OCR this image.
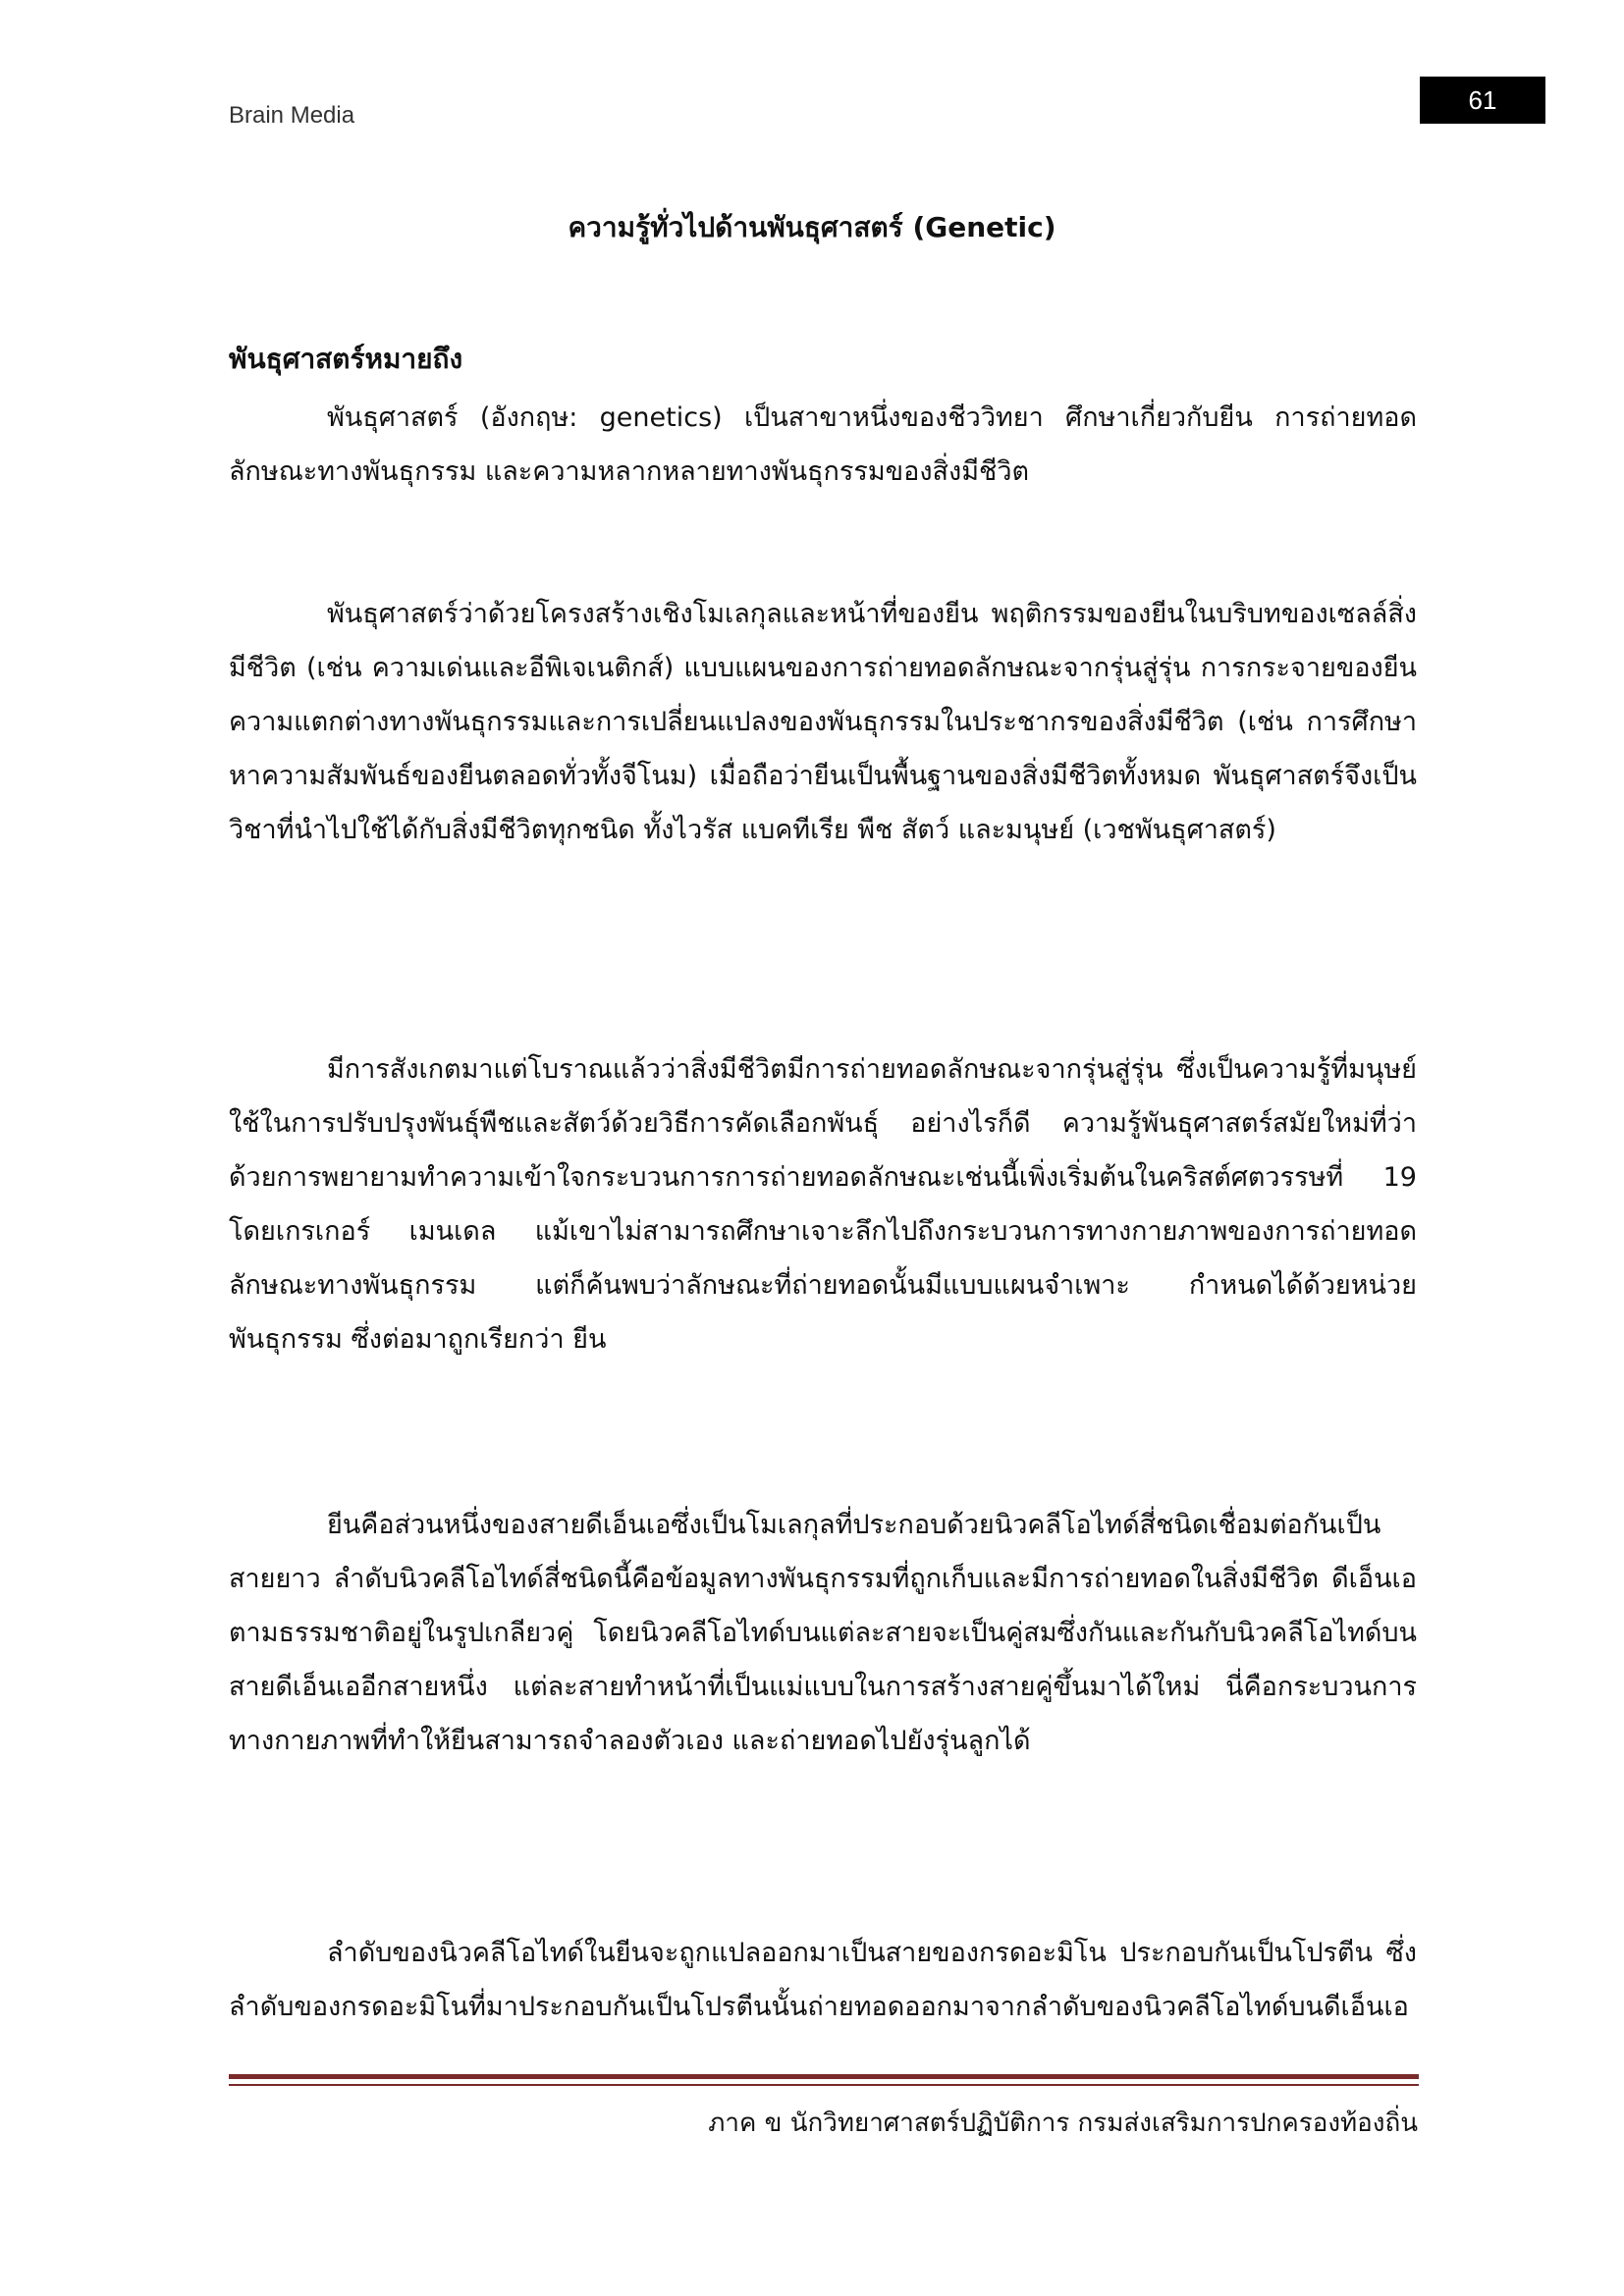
Brain Media
61
ความรู้ทั่วไปด้านพันธุศาสตร์ (Genetic)
พันธุศาสตร์หมายถึง

พันธุศาสตร์ (อังกฤษ: genetics) เป็นสาขาหนึ่งของชีววิทยา ศึกษาเกี่ยวกับยีน การถ่ายทอดลักษณะทางพันธุกรรม และความหลากหลายทางพันธุกรรมของสิ่งมีชีวิต

พันธุศาสตร์ว่าด้วยโครงสร้างเชิงโมเลกุลและหน้าที่ของยีน พฤติกรรมของยีนในบริบทของเซลล์สิ่งมีชีวิต (เช่น ความเด่นและอีพิเจเนติกส์) แบบแผนของการถ่ายทอดลักษณะจากรุ่นสู่รุ่น การกระจายของยีน ความแตกต่างทางพันธุกรรมและการเปลี่ยนแปลงของพันธุกรรมในประชากรของสิ่งมีชีวิต (เช่น การศึกษาหาความสัมพันธ์ของยีนตลอดทั่วทั้งจีโนม) เมื่อถือว่ายีนเป็นพื้นฐานของสิ่งมีชีวิตทั้งหมด พันธุศาสตร์จึงเป็นวิชาที่นำไปใช้ได้กับสิ่งมีชีวิตทุกชนิด ทั้งไวรัส แบคทีเรีย พืช สัตว์ และมนุษย์ (เวชพันธุศาสตร์)

มีการสังเกตมาแต่โบราณแล้วว่าสิ่งมีชีวิตมีการถ่ายทอดลักษณะจากรุ่นสู่รุ่น ซึ่งเป็นความรู้ที่มนุษย์ใช้ในการปรับปรุงพันธุ์พืชและสัตว์ด้วยวิธีการคัดเลือกพันธุ์ อย่างไรก็ดี ความรู้พันธุศาสตร์สมัยใหม่ที่ว่าด้วยการพยายามทำความเข้าใจกระบวนการการถ่ายทอดลักษณะเช่นนี้เพิ่งเริ่มต้นในคริสต์ศตวรรษที่ 19 โดยเกรเกอร์ เมนเดล แม้เขาไม่สามารถศึกษาเจาะลึกไปถึงกระบวนการทางกายภาพของการถ่ายทอดลักษณะทางพันธุกรรม แต่ก็ค้นพบว่าลักษณะที่ถ่ายทอดนั้นมีแบบแผนจำเพาะ กำหนดได้ด้วยหน่วยพันธุกรรม ซึ่งต่อมาถูกเรียกว่า ยีน

ยีนคือส่วนหนึ่งของสายดีเอ็นเอซึ่งเป็นโมเลกุลที่ประกอบด้วยนิวคลีโอไทด์สี่ชนิดเชื่อมต่อกันเป็นสายยาว ลำดับนิวคลีโอไทด์สี่ชนิดนี้คือข้อมูลทางพันธุกรรมที่ถูกเก็บและมีการถ่ายทอดในสิ่งมีชีวิต ดีเอ็นเอตามธรรมชาติอยู่ในรูปเกลียวคู่ โดยนิวคลีโอไทด์บนแต่ละสายจะเป็นคู่สมซึ่งกันและกันกับนิวคลีโอไทด์บนสายดีเอ็นเออีกสายหนึ่ง แต่ละสายทำหน้าที่เป็นแม่แบบในการสร้างสายคู่ขึ้นมาได้ใหม่ นี่คือกระบวนการทางกายภาพที่ทำให้ยีนสามารถจำลองตัวเอง และถ่ายทอดไปยังรุ่นลูกได้

ลำดับของนิวคลีโอไทด์ในยีนจะถูกแปลออกมาเป็นสายของกรดอะมิโน ประกอบกันเป็นโปรตีน ซึ่งลำดับของกรดอะมิโนที่มาประกอบกันเป็นโปรตีนนั้นถ่ายทอดออกมาจากลำดับของนิวคลีโอไทด์บนดีเอ็นเอ

ภาค ข นักวิทยาศาสตร์ปฏิบัติการ กรมส่งเสริมการปกครองท้องถิ่น
